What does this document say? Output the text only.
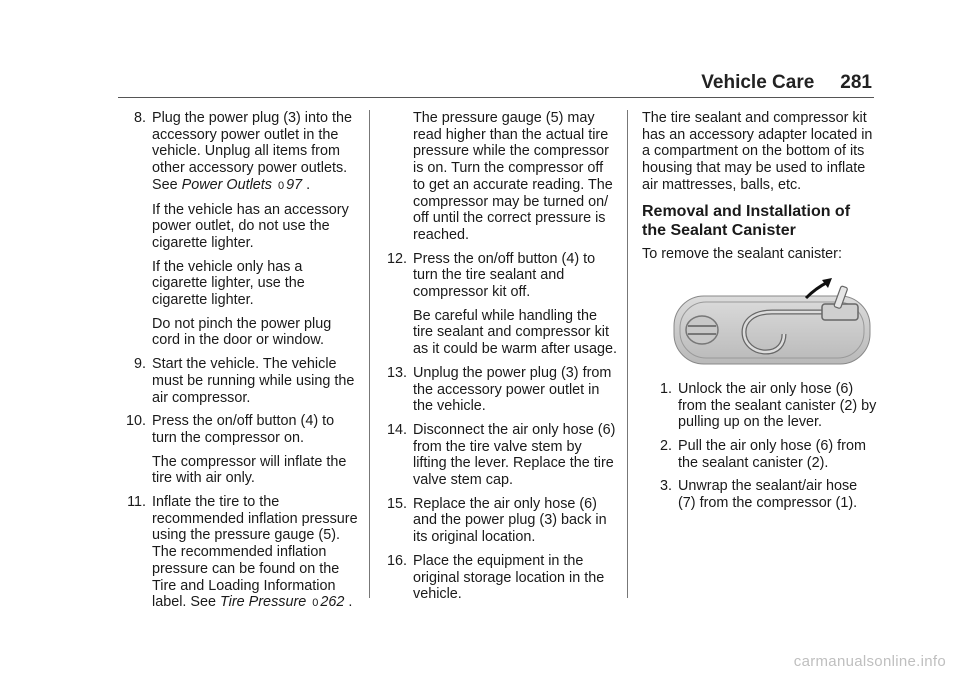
Vehicle Care 281
8. Plug the power plug (3) into the accessory power outlet in the vehicle. Unplug all items from other accessory power outlets. See Power Outlets 0 97 .

If the vehicle has an accessory power outlet, do not use the cigarette lighter.

If the vehicle only has a cigarette lighter, use the cigarette lighter.

Do not pinch the power plug cord in the door or window.

9. Start the vehicle. The vehicle must be running while using the air compressor.

10. Press the on/off button (4) to turn the compressor on.

The compressor will inflate the tire with air only.

11. Inflate the tire to the recommended inflation pressure using the pressure gauge (5). The recommended inflation pressure can be found on the Tire and Loading Information label. See Tire Pressure 0 262 .

The pressure gauge (5) may read higher than the actual tire pressure while the compressor is on. Turn the compressor off to get an accurate reading. The compressor may be turned on/ off until the correct pressure is reached.

12. Press the on/off button (4) to turn the tire sealant and compressor kit off.

Be careful while handling the tire sealant and compressor kit as it could be warm after usage.

13. Unplug the power plug (3) from the accessory power outlet in the vehicle.

14. Disconnect the air only hose (6) from the tire valve stem by lifting the lever. Replace the tire valve stem cap.

15. Replace the air only hose (6) and the power plug (3) back in its original location.

16. Place the equipment in the original storage location in the vehicle.

The tire sealant and compressor kit has an accessory adapter located in a compartment on the bottom of its housing that may be used to inflate air mattresses, balls, etc.

Removal and Installation of the Sealant Canister

To remove the sealant canister:

1. Unlock the air only hose (6) from the sealant canister (2) by pulling up on the lever.

2. Pull the air only hose (6) from the sealant canister (2).

3. Unwrap the sealant/air hose (7) from the compressor (1).

carmanualsonline.info
